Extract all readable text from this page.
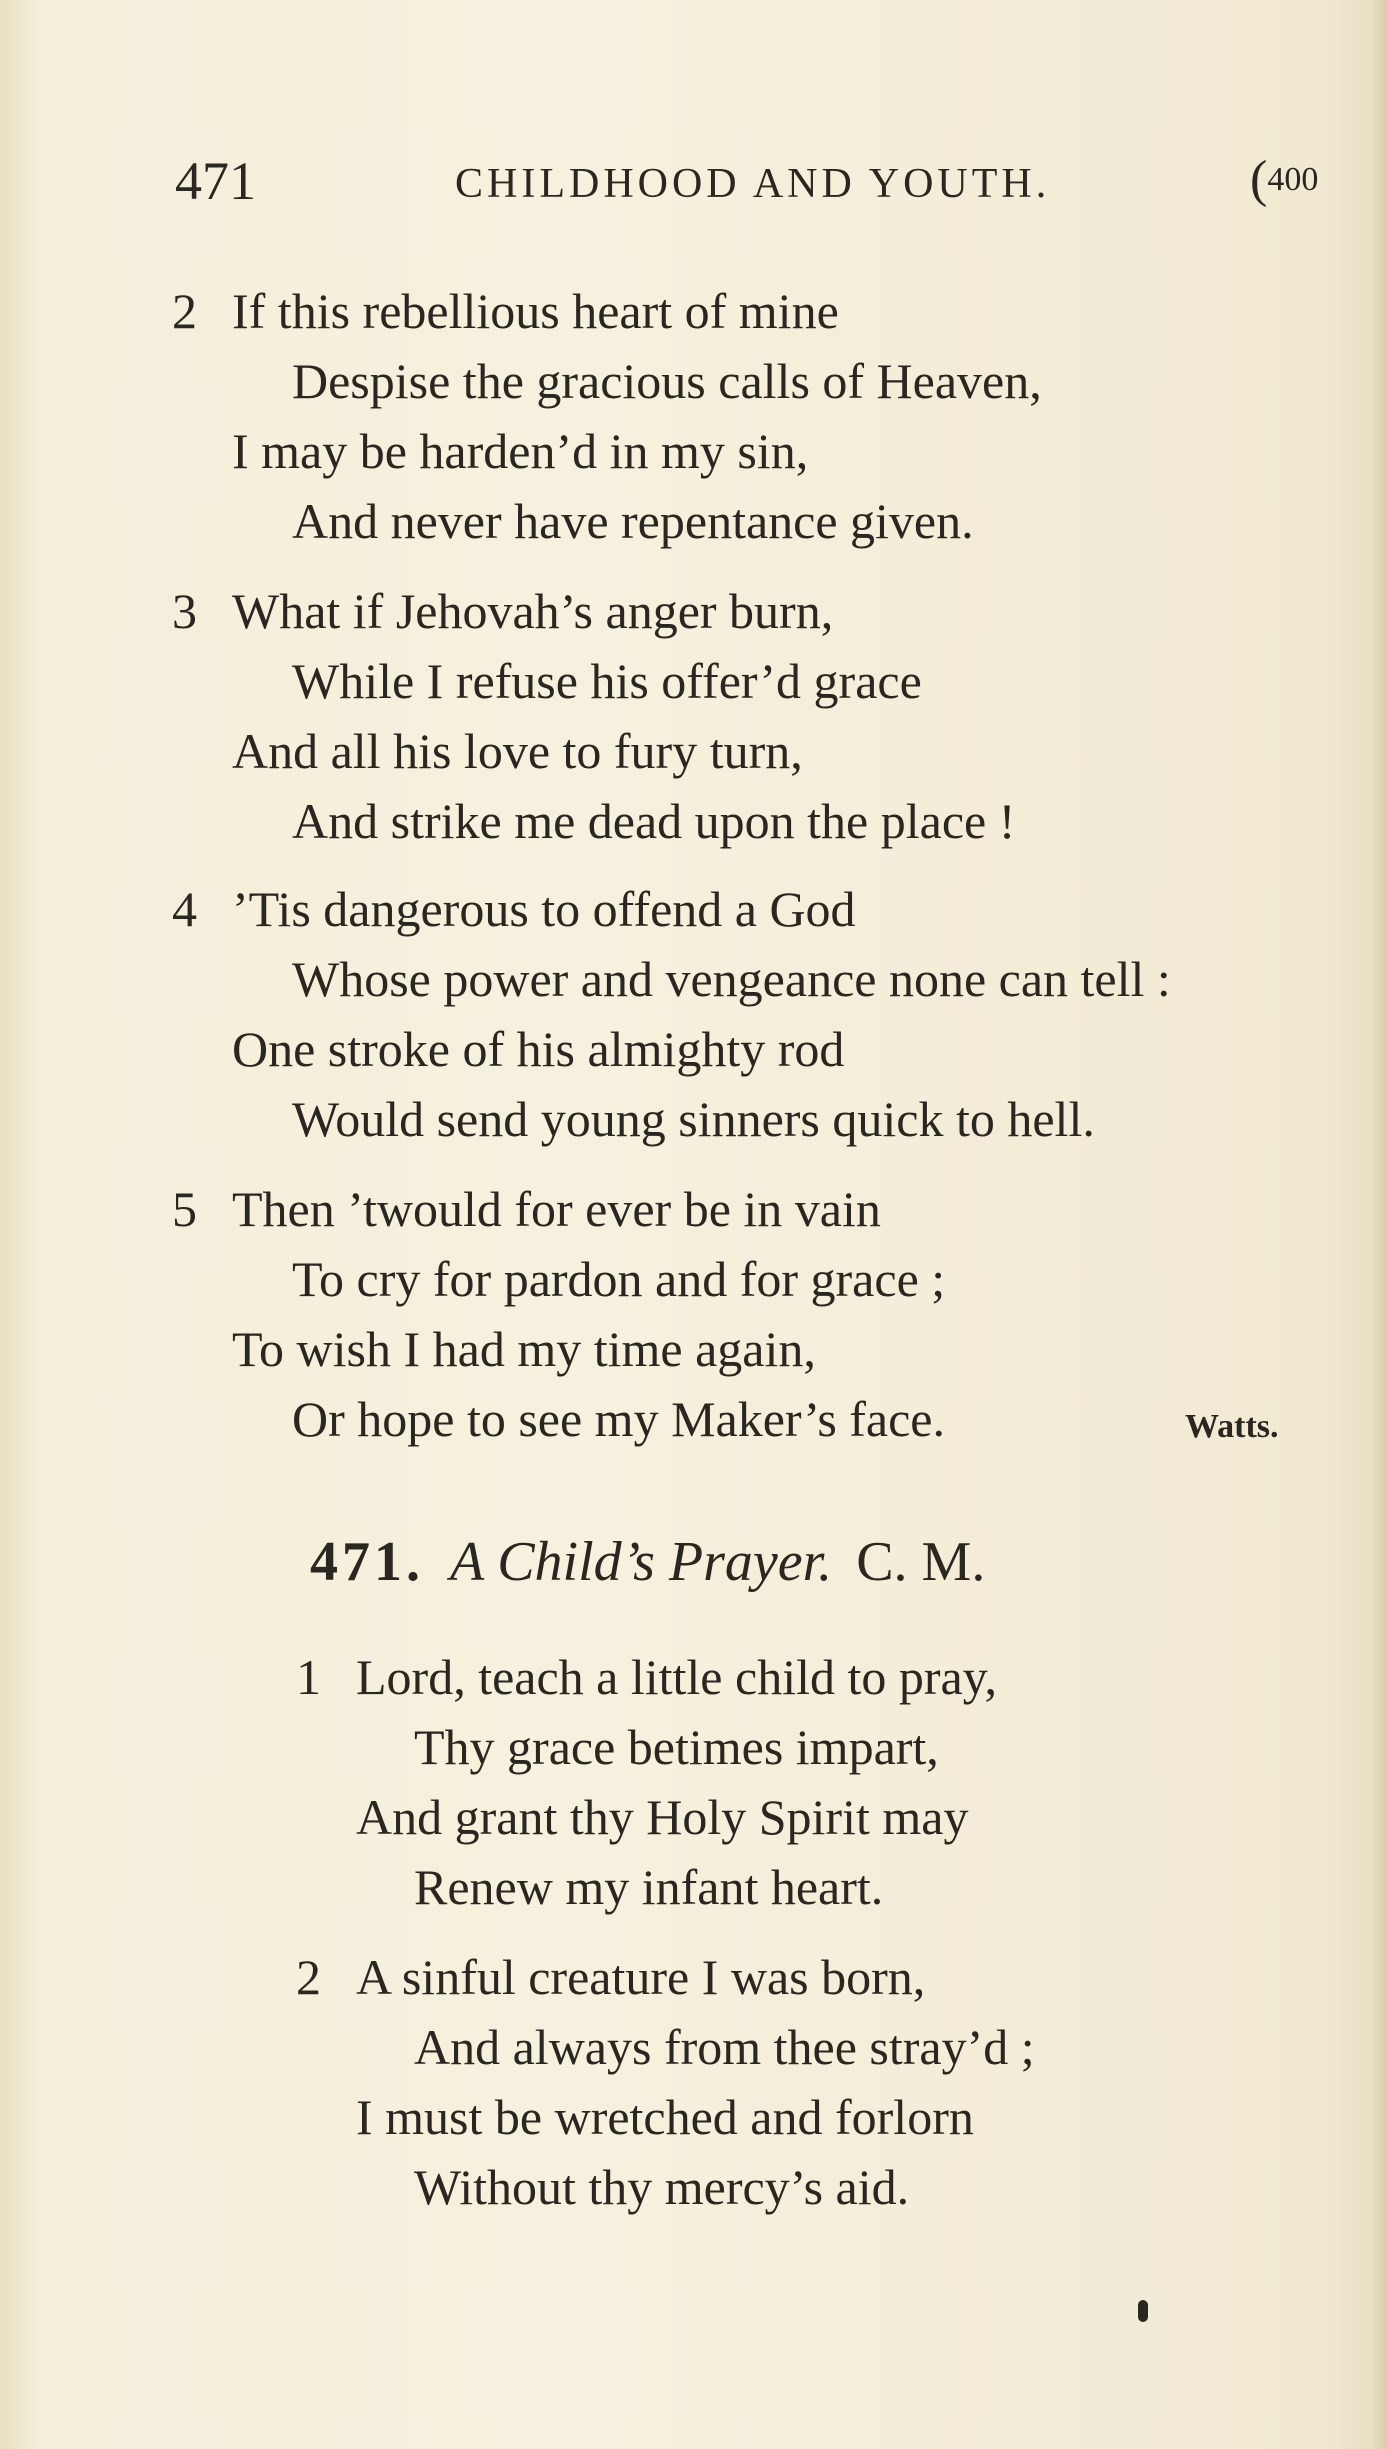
471	CHILDHOOD AND YOUTH.	(400
2 If this rebellious heart of mine
Despise the gracious calls of Heaven,
I may be harden’d in my sin,
And never have repentance given.
3 What if Jehovah’s anger burn,
While I refuse his offer’d grace
And all his love to fury turn,
And strike me dead upon the place !
4 ’Tis dangerous to offend a God
Whose power and vengeance none can tell :
One stroke of his almighty rod
Would send young sinners quick to hell.
5 Then ’twould for ever be in vain
To cry for pardon and for grace ;
To wish I had my time again,
Or hope to see my Maker’s face.	Watts.
471. A Child’s Prayer. C. M.
1 Lord, teach a little child to pray,
Thy grace betimes impart,
And grant thy Holy Spirit may
Renew my infant heart.
2 A sinful creature I was born,
And always from thee stray’d ;
I must be wretched and forlorn
Without thy mercy’s aid.
